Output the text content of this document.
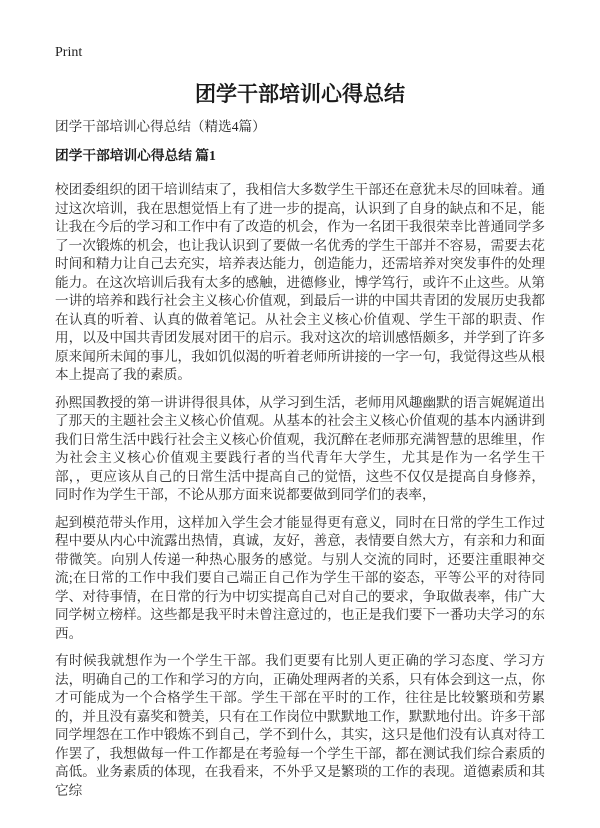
Print
团学干部培训心得总结
团学干部培训心得总结（精选4篇）
团学干部培训心得总结 篇1

校团委组织的团干培训结束了，我相信大多数学生干部还在意犹未尽的回味着。通过这次培训，我在思想觉悟上有了进一步的提高，认识到了自身的缺点和不足，能让我在今后的学习和工作中有了改造的机会，作为一名团干我很荣幸比普通同学多了一次锻炼的机会，也让我认识到了要做一名优秀的学生干部并不容易，需要去花时间和精力让自己去充实，培养表达能力，创造能力，还需培养对突发事件的处理能力。在这次培训后我有太多的感触，进德修业，博学笃行，或许不止这些。从第一讲的培养和践行社会主义核心价值观，到最后一讲的中国共青团的发展历史我都在认真的听着、认真的做着笔记。从社会主义核心价值观、学生干部的职责、作用，以及中国共青团发展对团干的启示。我对这次的培训感悟颇多，并学到了许多原来闻所未闻的事儿，我如饥似渴的听着老师所讲接的一字一句，我觉得这些从根本上提高了我的素质。

孙熙国教授的第一讲讲得很具体，从学习到生活，老师用风趣幽默的语言娓娓道出了那天的主题社会主义核心价值观。从基本的社会主义核心价值观的基本内涵讲到我们日常生活中践行社会主义核心价值观，我沉醉在老师那充满智慧的思维里，作为社会主义核心价值观主要践行者的当代青年大学生，尤其是作为一名学生干部，，更应该从自己的日常生活中提高自己的觉悟，这些不仅仅是提高自身修养，同时作为学生干部，不论从那方面来说都要做到同学们的表率，

起到模范带头作用，这样加入学生会才能显得更有意义，同时在日常的学生工作过程中要从内心中流露出热情，真诚，友好，善意，表情要自然大方，有亲和力和面带微笑。向别人传递一种热心服务的感觉。与别人交流的同时，还要注重眼神交流;在日常的工作中我们要自己端正自己作为学生干部的姿态，平等公平的对待同学、对待事情，在日常的行为中切实提高自己对自己的要求，争取做表率，伟广大同学树立榜样。这些都是我平时未曾注意过的，也正是我们要下一番功夫学习的东西。

有时候我就想作为一个学生干部。我们更要有比别人更正确的学习态度、学习方法，明确自己的工作和学习的方向，正确处理两者的关系，只有体会到这一点，你才可能成为一个合格学生干部。学生干部在平时的工作，往往是比较繁琐和劳累的，并且没有嘉奖和赞美，只有在工作岗位中默默地工作，默默地付出。许多干部同学埋怨在工作中锻炼不到自己，学不到什么，其实，这只是他们没有认真对待工作罢了，我想做每一件工作都是在考验每一个学生干部，都在测试我们综合素质的高低。业务素质的体现，在我看来，不外乎又是繁琐的工作的表现。道德素质和其它综
